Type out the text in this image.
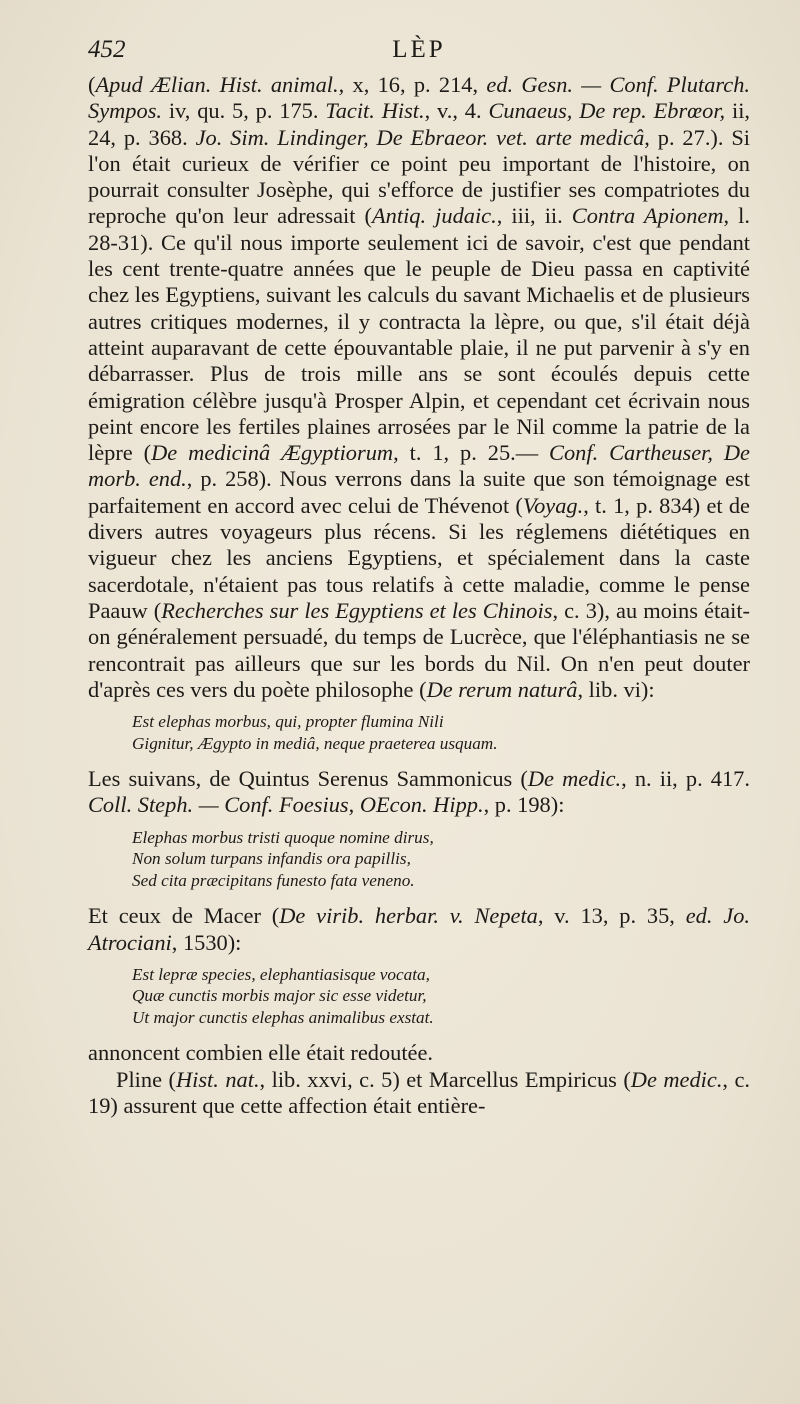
452	LÈP

(Apud Ælian. Hist. animal., x, 16, p. 214, ed. Gesn. — Conf. Plutarch. Sympos. iv, qu. 5, p. 175. Tacit. Hist., v., 4. Cunaeus, De rep. Ebrœor, ii, 24, p. 368. Jo. Sim. Lindinger, De Ebraeor. vet. arte medicâ, p. 27.). Si l'on était curieux de vérifier ce point peu important de l'histoire, on pourrait consulter Josèphe, qui s'efforce de justifier ses compatriotes du reproche qu'on leur adressait (Antiq. judaic., iii, ii. Contra Apionem, l. 28-31). Ce qu'il nous importe seulement ici de savoir, c'est que pendant les cent trente-quatre années que le peuple de Dieu passa en captivité chez les Egyptiens, suivant les calculs du savant Michaelis et de plusieurs autres critiques modernes, il y contracta la lèpre, ou que, s'il était déjà atteint auparavant de cette épouvantable plaie, il ne put parvenir à s'y en débarrasser. Plus de trois mille ans se sont écoulés depuis cette émigration célèbre jusqu'à Prosper Alpin, et cependant cet écrivain nous peint encore les fertiles plaines arrosées par le Nil comme la patrie de la lèpre (De medicinâ Ægyptiorum, t. 1, p. 25.— Conf. Cartheuser, De morb. end., p. 258). Nous verrons dans la suite que son témoignage est parfaitement en accord avec celui de Thévenot (Voyag., t. 1, p. 834) et de divers autres voyageurs plus récens. Si les réglemens diététiques en vigueur chez les anciens Egyptiens, et spécialement dans la caste sacerdotale, n'étaient pas tous relatifs à cette maladie, comme le pense Paauw (Recherches sur les Egyptiens et les Chinois, c. 3), au moins était-on généralement persuadé, du temps de Lucrèce, que l'éléphantiasis ne se rencontrait pas ailleurs que sur les bords du Nil. On n'en peut douter d'après ces vers du poète philosophe (De rerum naturâ, lib. vi):

Est elephas morbus, qui, propter flumina Nili
Gignitur, Ægypto in mediâ, neque praeterea usquam.

Les suivans, de Quintus Serenus Sammonicus (De medic., n. ii, p. 417. Coll. Steph. — Conf. Foesius, OEcon. Hipp., p. 198):

Elephas morbus tristi quoque nomine dirus,
Non solum turpans infandis ora papillis,
Sed cita præcipitans funesto fata veneno.

Et ceux de Macer (De virib. herbar. v. Nepeta, v. 13, p. 35, ed. Jo. Atrociani, 1530):

Est lepræ species, elephantiasisque vocata,
Quæ cunctis morbis major sic esse videtur,
Ut major cunctis elephas animalibus exstat.

annoncent combien elle était redoutée.

Pline (Hist. nat., lib. xxvi, c. 5) et Marcellus Empiricus (De medic., c. 19) assurent que cette affection était entière-
